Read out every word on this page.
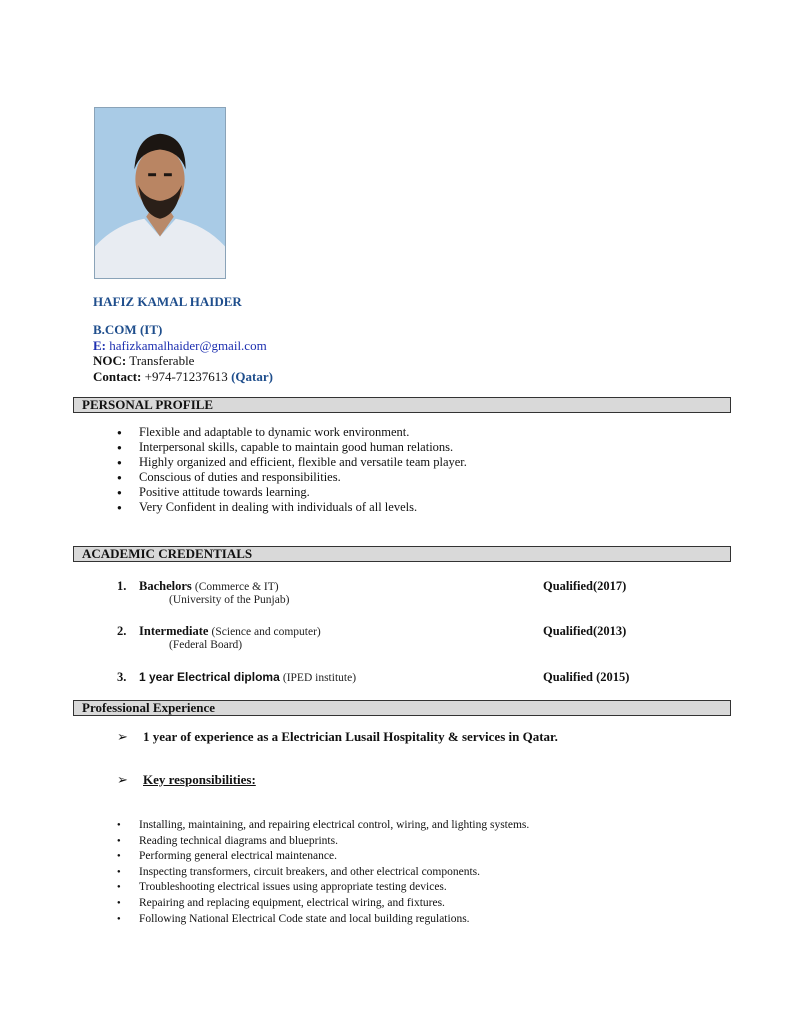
HAFIZ KAMAL HAIDER
B.COM (IT)
E: hafizkamalhaider@gmail.com
NOC: Transferable
Contact: +974-71237613 (Qatar)
PERSONAL PROFILE
● Flexible and adaptable to dynamic work environment.
● Interpersonal skills, capable to maintain good human relations.
● Highly organized and efficient, flexible and versatile team player.
● Conscious of duties and responsibilities.
● Positive attitude towards learning.
● Very Confident in dealing with individuals of all levels.
ACADEMIC CREDENTIALS
1. Bachelors (Commerce & IT)
(University of the Punjab)
Qualified(2017)
2. Intermediate (Science and computer)
(Federal Board)
Qualified(2013)
3. 1 year Electrical diploma (IPED institute)	Qualified (2015)
Professional Experience
➢ 1 year of experience as a Electrician Lusail Hospitality & services in Qatar.
➢ Key responsibilities:
● Installing, maintaining, and repairing electrical control, wiring, and lighting systems.
● Reading technical diagrams and blueprints.
● Performing general electrical maintenance.
● Inspecting transformers, circuit breakers, and other electrical components.
● Troubleshooting electrical issues using appropriate testing devices.
● Repairing and replacing equipment, electrical wiring, and fixtures.
● Following National Electrical Code state and local building regulations.
